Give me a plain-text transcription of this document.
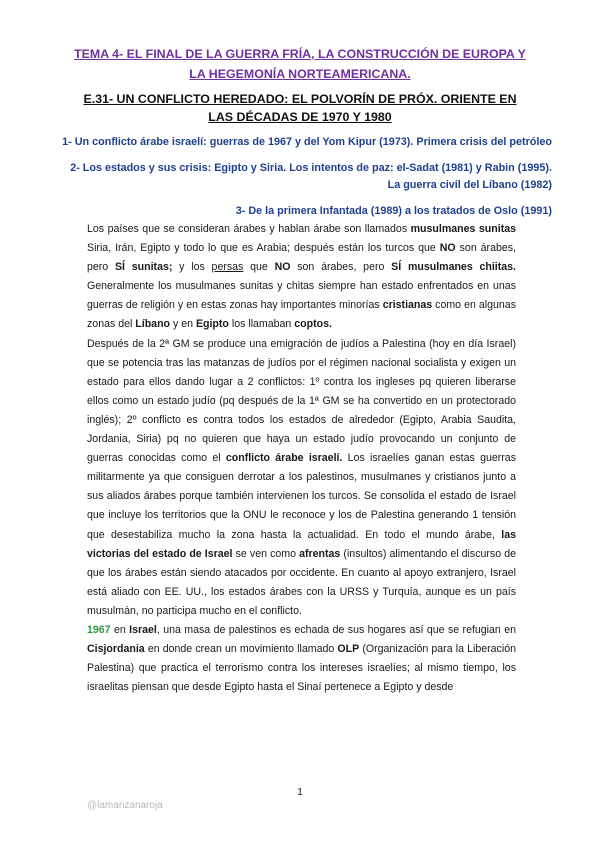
TEMA 4- EL FINAL DE LA GUERRA FRÍA, LA CONSTRUCCIÓN DE EUROPA Y LA HEGEMONÍA NORTEAMERICANA.
E.31- UN CONFLICTO HEREDADO: EL POLVORÍN DE PRÓX. ORIENTE EN LAS DÉCADAS DE 1970 Y 1980
1- Un conflicto árabe israelí: guerras de 1967 y del Yom Kipur (1973). Primera crisis del petróleo
2- Los estados y sus crisis: Egipto y Siria. Los intentos de paz: el-Sadat (1981) y Rabin (1995). La guerra civil del Líbano (1982)
3- De la primera Infantada (1989) a los tratados de Oslo (1991)

Los países que se consideran árabes y hablan árabe son llamados musulmanes sunitas Siria, Irán, Egipto y todo lo que es Arabia; después están los turcos que NO son árabes, pero SÍ sunitas; y los persas que NO son árabes, pero SÍ musulmanes chiitas. Generalmente los musulmanes sunitas y chitas siempre han estado enfrentados en unas guerras de religión y en estas zonas hay importantes minorías cristianas como en algunas zonas del Líbano y en Egipto los llamaban coptos.

Después de la 2ª GM se produce una emigración de judíos a Palestina (hoy en día Israel) que se potencia tras las matanzas de judíos por el régimen nacional socialista y exigen un estado para ellos dando lugar a 2 conflictos: 1º contra los ingleses pq quieren liberarse ellos como un estado judío (pq después de la 1ª GM se ha convertido en un protectorado inglés); 2º conflicto es contra todos los estados de alrededor (Egipto, Arabia Saudita, Jordania, Siria) pq no quieren que haya un estado judío provocando un conjunto de guerras conocidas como el conflicto árabe israelí. Los israelíes ganan estas guerras militarmente ya que consiguen derrotar a los palestinos, musulmanes y cristianos junto a sus aliados árabes porque también intervienen los turcos. Se consolida el estado de Israel que incluye los territorios que la ONU le reconoce y los de Palestina generando 1 tensión que desestabiliza mucho la zona hasta la actualidad. En todo el mundo árabe, las victorias del estado de Israel se ven como afrentas (insultos) alimentando el discurso de que los árabes están siendo atacados por occidente. En cuanto al apoyo extranjero, Israel está aliado con EE. UU., los estados árabes con la URSS y Turquía, aunque es un país musulmán, no participa mucho en el conflicto.

1967 en Israel, una masa de palestinos es echada de sus hogares así que se refugian en Cisjordania en donde crean un movimiento llamado OLP (Organización para la Liberación Palestina) que practica el terrorismo contra los intereses israelíes; al mismo tiempo, los israelitas piensan que desde Egipto hasta el Sinaí pertenece a Egipto y desde

1
@lamanzanaroja
